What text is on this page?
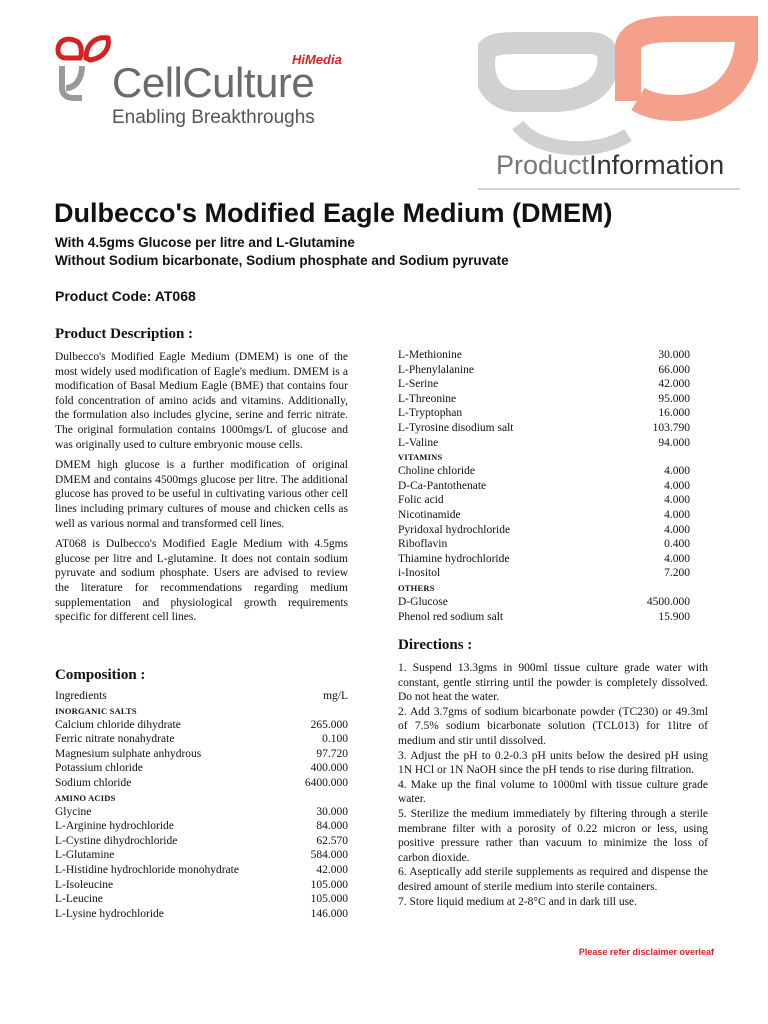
HiMedia
CellCulture
Enabling Breakthroughs
ProductInformation
Dulbecco's Modified Eagle Medium (DMEM)
With 4.5gms Glucose per litre and L-Glutamine
Without Sodium bicarbonate, Sodium phosphate and Sodium pyruvate
Product Code: AT068
Product Description :

Dulbecco's Modified Eagle Medium (DMEM) is one of the most widely used modification of Eagle's medium. DMEM is a modification of Basal Medium Eagle (BME) that contains four fold concentration of amino acids and vitamins. Additionally, the formulation also includes glycine, serine and ferric nitrate. The original formulation contains 1000mgs/L of glucose and was originally used to culture embryonic mouse cells.

DMEM high glucose is a further modification of original DMEM and contains 4500mgs glucose per litre. The additional glucose has proved to be useful in cultivating various other cell lines including primary cultures of mouse and chicken cells as well as various normal and transformed cell lines.

AT068 is Dulbecco's Modified Eagle Medium with 4.5gms glucose per litre and L-glutamine. It does not contain sodium pyruvate and sodium phosphate. Users are advised to review the literature for recommendations regarding medium supplementation and physiological growth requirements specific for different cell lines.

Composition :
Ingredients	mg/L
INORGANIC SALTS
Calcium chloride dihydrate	265.000
Ferric nitrate nonahydrate	0.100
Magnesium sulphate anhydrous	97.720
Potassium chloride	400.000
Sodium chloride	6400.000
AMINO ACIDS
Glycine	30.000
L-Arginine hydrochloride	84.000
L-Cystine dihydrochloride	62.570
L-Glutamine	584.000
L-Histidine hydrochloride monohydrate	42.000
L-Isoleucine	105.000
L-Leucine	105.000
L-Lysine hydrochloride	146.000
L-Methionine	30.000
L-Phenylalanine	66.000
L-Serine	42.000
L-Threonine	95.000
L-Tryptophan	16.000
L-Tyrosine disodium salt	103.790
L-Valine	94.000
VITAMINS
Choline chloride	4.000
D-Ca-Pantothenate	4.000
Folic acid	4.000
Nicotinamide	4.000
Pyridoxal hydrochloride	4.000
Riboflavin	0.400
Thiamine hydrochloride	4.000
i-Inositol	7.200
OTHERS
D-Glucose	4500.000
Phenol red sodium salt	15.900
Directions :

1. Suspend 13.3gms in 900ml tissue culture grade water with constant, gentle stirring until the powder is completely dissolved. Do not heat the water.

2. Add 3.7gms of sodium bicarbonate powder (TC230) or 49.3ml of 7.5% sodium bicarbonate solution (TCL013) for 1litre of medium and stir until dissolved.

3. Adjust the pH to 0.2-0.3 pH units below the desired pH using 1N HCl or 1N NaOH since the pH tends to rise during filtration.

4. Make up the final volume to 1000ml with tissue culture grade water.

5. Sterilize the medium immediately by filtering through a sterile membrane filter with a porosity of 0.22 micron or less, using positive pressure rather than vacuum to minimize the loss of carbon dioxide.

6. Aseptically add sterile supplements as required and dispense the desired amount of sterile medium into sterile containers.

7. Store liquid medium at 2-8°C and in dark till use.

Please refer disclaimer overleaf
